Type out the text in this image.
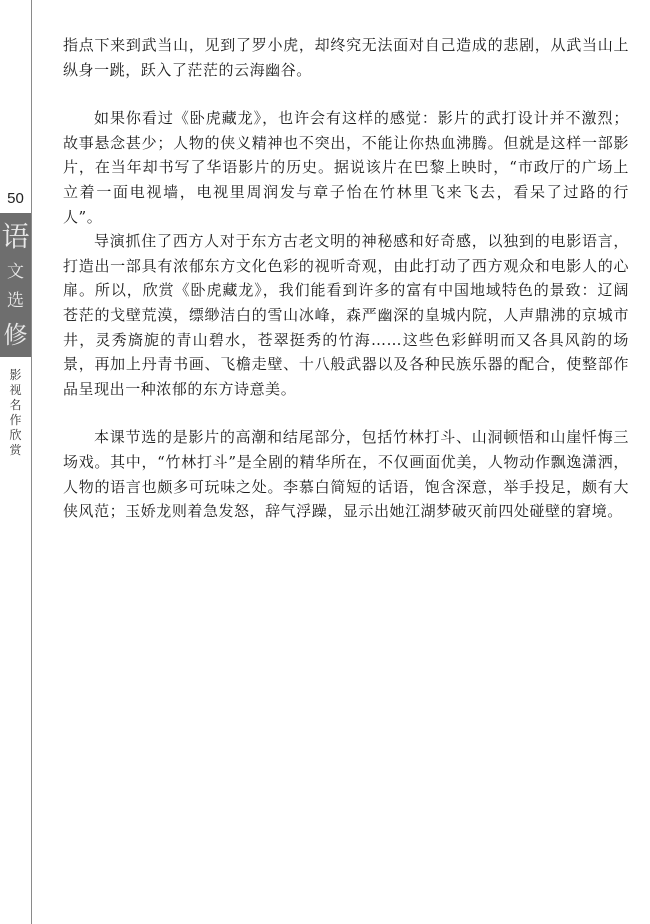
50
语
文
选
修
影
视
名
作
欣
赏

指点下来到武当山，见到了罗小虎，却终究无法面对自己造成的悲剧，从武当山上纵身一跳，跃入了茫茫的云海幽谷。

如果你看过《卧虎藏龙》，也许会有这样的感觉：影片的武打设计并不激烈；故事悬念甚少；人物的侠义精神也不突出，不能让你热血沸腾。但就是这样一部影片，在当年却书写了华语影片的历史。据说该片在巴黎上映时，“市政厅的广场上立着一面电视墙，电视里周润发与章子怡在竹林里飞来飞去，看呆了过路的行人”。

导演抓住了西方人对于东方古老文明的神秘感和好奇感，以独到的电影语言，打造出一部具有浓郁东方文化色彩的视听奇观，由此打动了西方观众和电影人的心扉。所以，欣赏《卧虎藏龙》，我们能看到许多的富有中国地域特色的景致：辽阔苍茫的戈壁荒漠，缥缈洁白的雪山冰峰，森严幽深的皇城内院，人声鼎沸的京城市井，灵秀旖旎的青山碧水，苍翠挺秀的竹海……这些色彩鲜明而又各具风韵的场景，再加上丹青书画、飞檐走壁、十八般武器以及各种民族乐器的配合，使整部作品呈现出一种浓郁的东方诗意美。

本课节选的是影片的高潮和结尾部分，包括竹林打斗、山洞顿悟和山崖忏悔三场戏。其中，“竹林打斗”是全剧的精华所在，不仅画面优美，人物动作飘逸潇洒，人物的语言也颇多可玩味之处。李慕白简短的话语，饱含深意，举手投足，颇有大侠风范；玉娇龙则着急发怒，辞气浮躁，显示出她江湖梦破灭前四处碰壁的窘境。
